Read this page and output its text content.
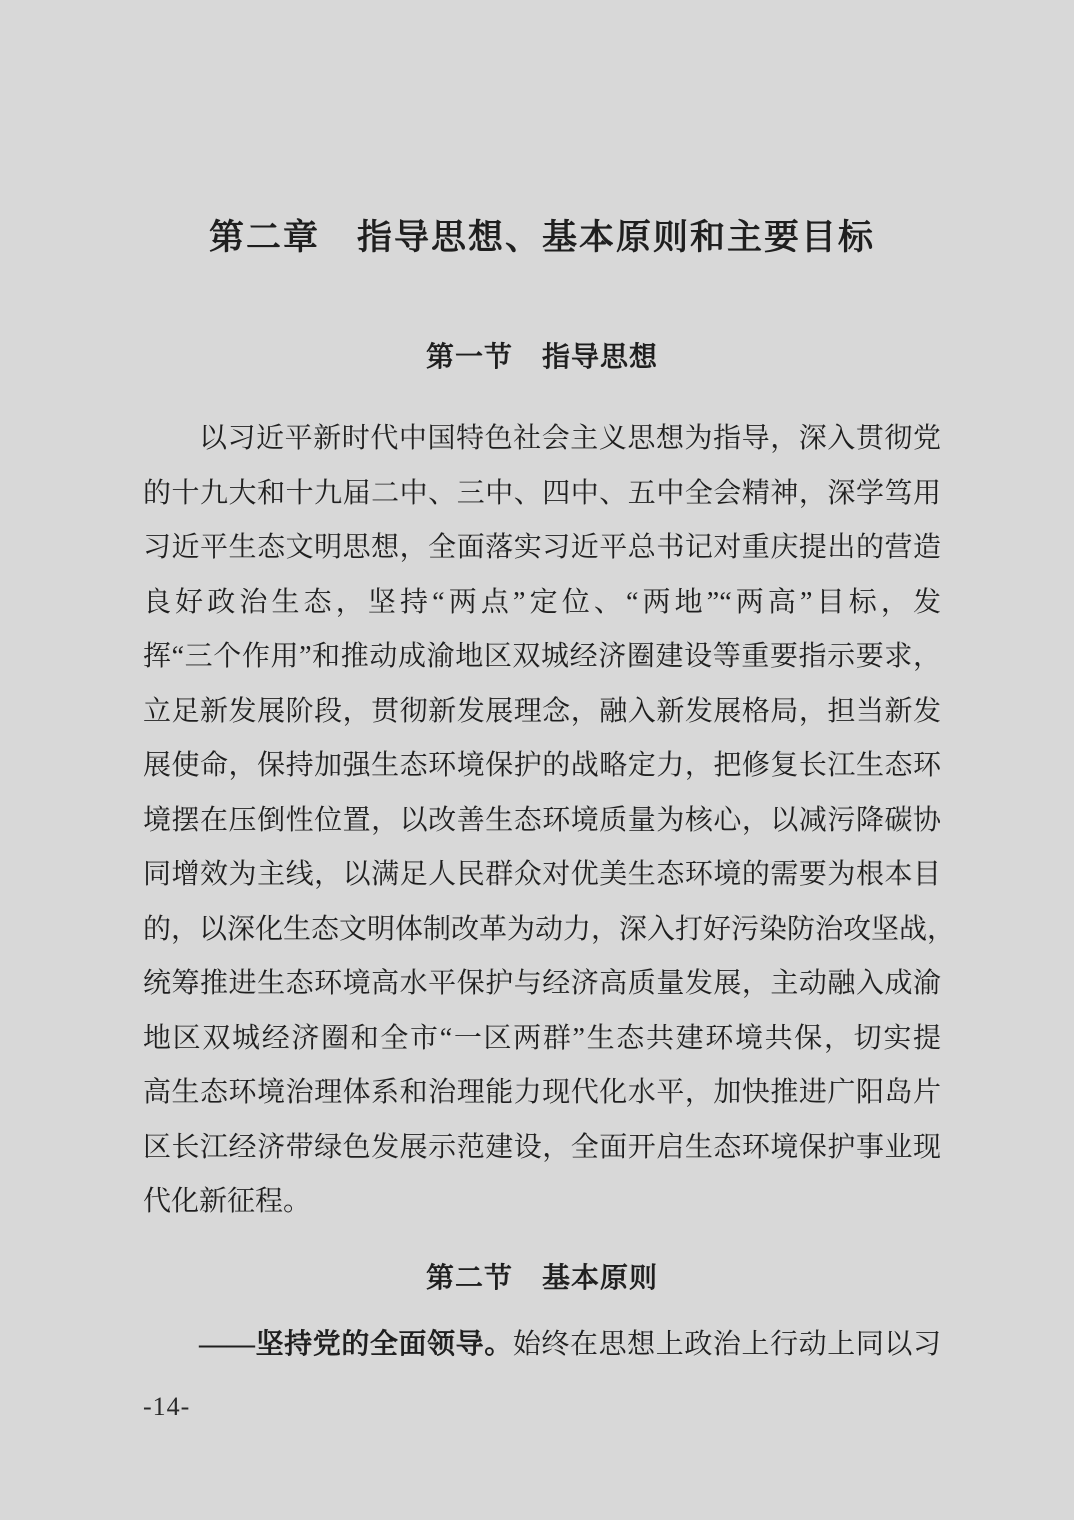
第二章　指导思想、基本原则和主要目标
第一节　指导思想
以习近平新时代中国特色社会主义思想为指导，深入贯彻党
的十九大和十九届二中、三中、四中、五中全会精神，深学笃用
习近平生态文明思想，全面落实习近平总书记对重庆提出的营造
良好政治生态，坚持“两点”定位、“两地”“两高”目标，发
挥“三个作用”和推动成渝地区双城经济圈建设等重要指示要求，
立足新发展阶段，贯彻新发展理念，融入新发展格局，担当新发
展使命，保持加强生态环境保护的战略定力，把修复长江生态环
境摆在压倒性位置，以改善生态环境质量为核心，以减污降碳协
同增效为主线，以满足人民群众对优美生态环境的需要为根本目
的，以深化生态文明体制改革为动力，深入打好污染防治攻坚战，
统筹推进生态环境高水平保护与经济高质量发展，主动融入成渝
地区双城经济圈和全市“一区两群”生态共建环境共保，切实提
高生态环境治理体系和治理能力现代化水平，加快推进广阳岛片
区长江经济带绿色发展示范建设，全面开启生态环境保护事业现
代化新征程。
第二节　基本原则
——坚持党的全面领导。始终在思想上政治上行动上同以习
-14-
